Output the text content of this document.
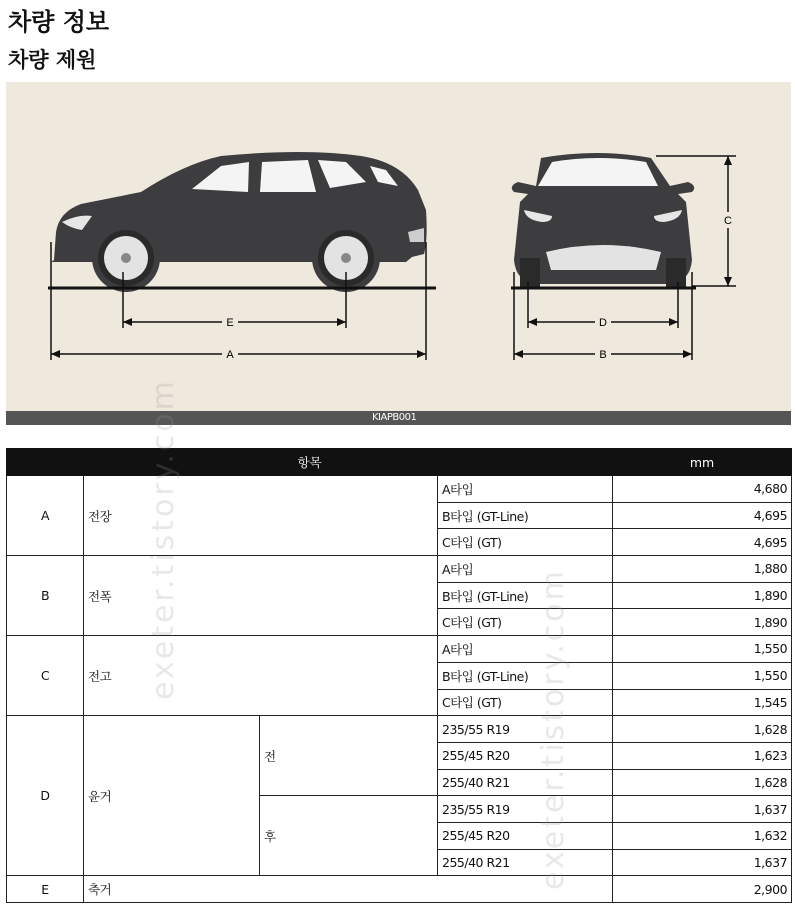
차량 정보
차량 제원
E
A
D
B
C
KIAPB001
항목				mm
A	전장		A타입	4,680
			B타입 (GT-Line)	4,695
			C타입 (GT)	4,695
B	전폭		A타입	1,880
			B타입 (GT-Line)	1,890
			C타입 (GT)	1,890
C	전고		A타입	1,550
			B타입 (GT-Line)	1,550
			C타입 (GT)	1,545
D	윤거	전	235/55 R19	1,628
			255/45 R20	1,623
			255/40 R21	1,628
		후	235/55 R19	1,637
			255/45 R20	1,632
			255/40 R21	1,637
E	축거			2,900
exeter.tistory.com
exeter.tistory.com
